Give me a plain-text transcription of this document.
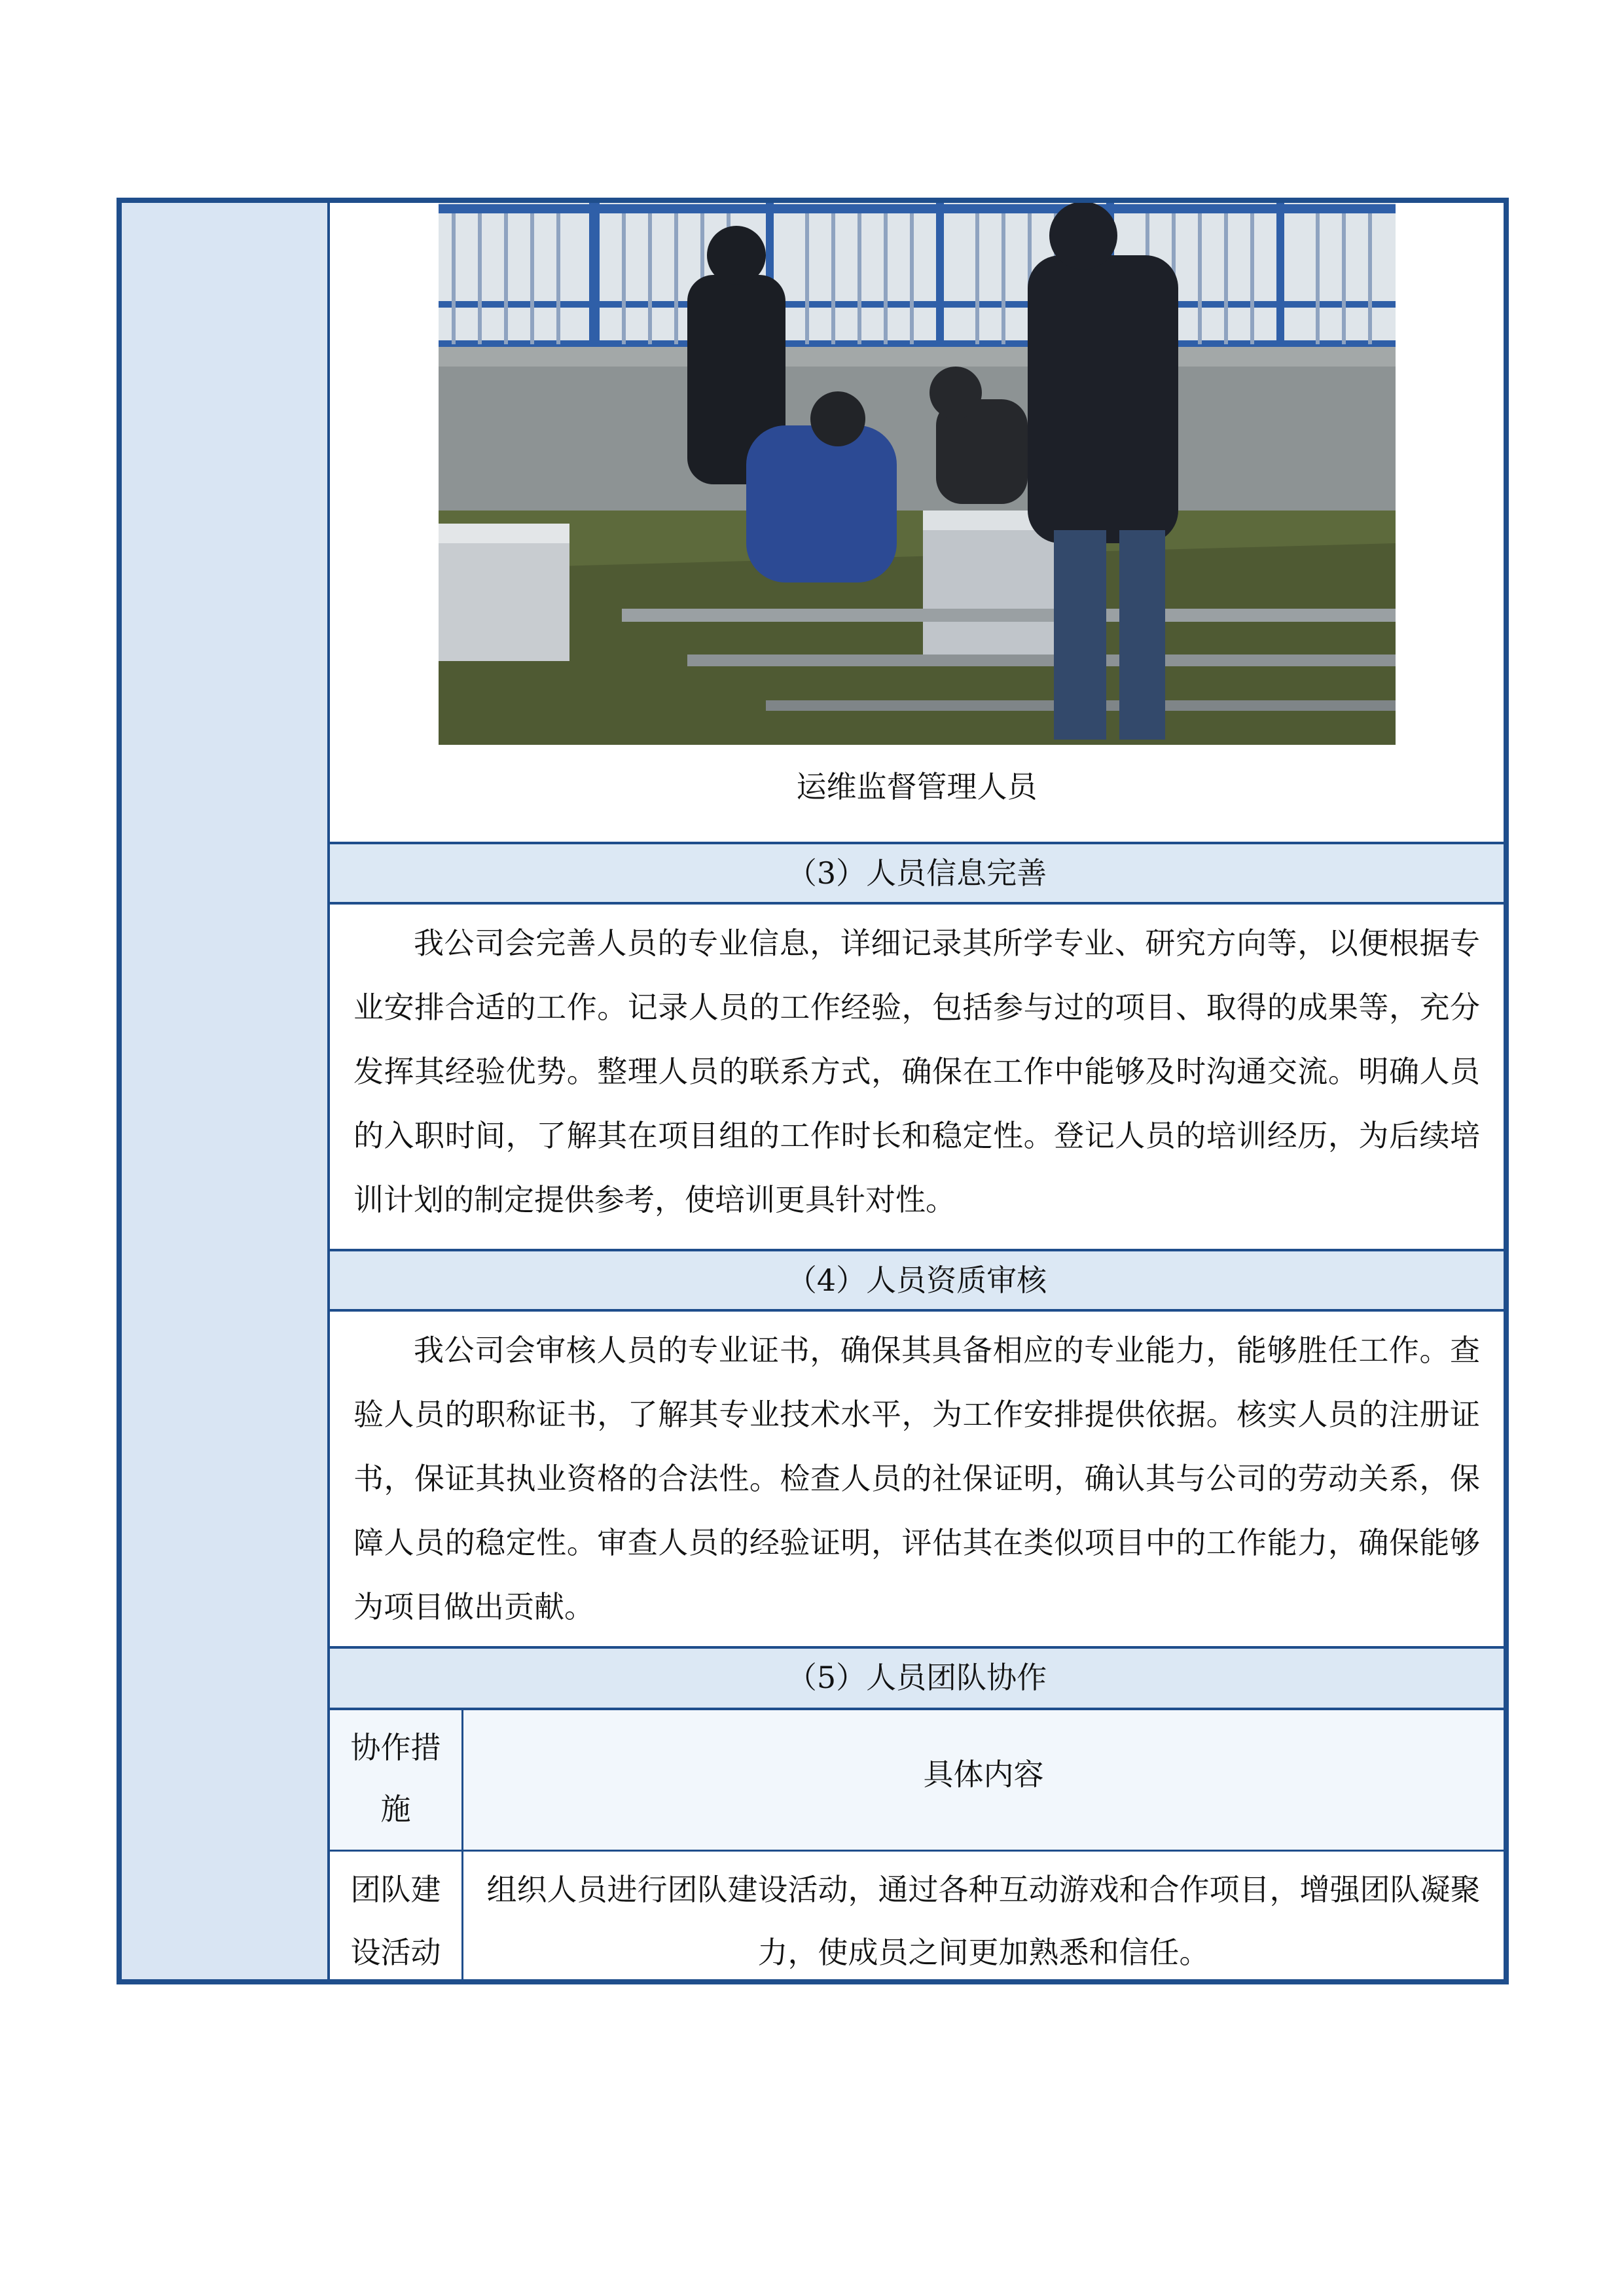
运维监督管理人员
（3）人员信息完善
我公司会完善人员的专业信息，详细记录其所学专业、研究方向等，以便根据专业安排合适的工作。记录人员的工作经验，包括参与过的项目、取得的成果等，充分发挥其经验优势。整理人员的联系方式，确保在工作中能够及时沟通交流。明确人员的入职时间，了解其在项目组的工作时长和稳定性。登记人员的培训经历，为后续培训计划的制定提供参考，使培训更具针对性。
（4）人员资质审核
我公司会审核人员的专业证书，确保其具备相应的专业能力，能够胜任工作。查验人员的职称证书，了解其专业技术水平，为工作安排提供依据。核实人员的注册证书，保证其执业资格的合法性。检查人员的社保证明，确认其与公司的劳动关系，保障人员的稳定性。审查人员的经验证明，评估其在类似项目中的工作能力，确保能够为项目做出贡献。
（5）人员团队协作
协作措施
具体内容
团队建设活动
组织人员进行团队建设活动，通过各种互动游戏和合作项目，增强团队凝聚力，使成员之间更加熟悉和信任。
